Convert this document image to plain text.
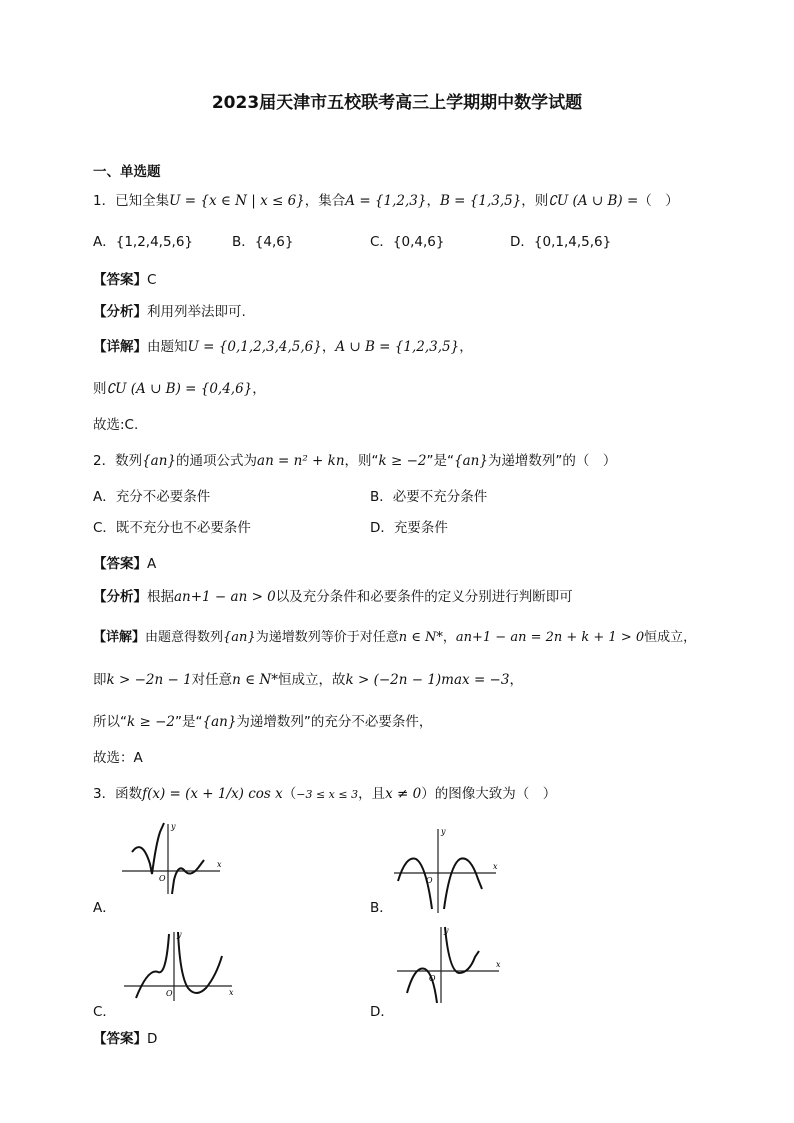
2023届天津市五校联考高三上学期期中数学试题
一、单选题
1．已知全集U = {x ∈ N | x ≤ 6}，集合A = {1,2,3}，B = {1,3,5}，则∁U (A ∪ B) =（　）
A．{1,2,4,5,6}	B．{4,6}	C．{0,4,6}	D．{0,1,4,5,6}
【答案】C
【分析】利用列举法即可.
【详解】由题知U = {0,1,2,3,4,5,6}，A ∪ B = {1,2,3,5}，
则∁U (A ∪ B) = {0,4,6}，
故选:C.
2．数列{an}的通项公式为an = n² + kn，则“k ≥ −2”是“{an}为递增数列”的（　）
A．充分不必要条件	B．必要不充分条件
C．既不充分也不必要条件	D．充要条件
【答案】A
【分析】根据an+1 − an > 0以及充分条件和必要条件的定义分别进行判断即可
【详解】由题意得数列{an}为递增数列等价于对任意n ∈ N*，an+1 − an = 2n + k + 1 > 0恒成立，
即k > −2n − 1对任意n ∈ N*恒成立，故k > (−2n − 1)max = −3，
所以“k ≥ −2”是“{an}为递增数列”的充分不必要条件，
故选：A
3．函数f(x) = (x + 1/x) cos x（−3 ≤ x ≤ 3，且x ≠ 0）的图像大致为（　）
O
x
y
A．
O
x
y
B．
O	x
y
C．
O
x
y
D．
【答案】D
